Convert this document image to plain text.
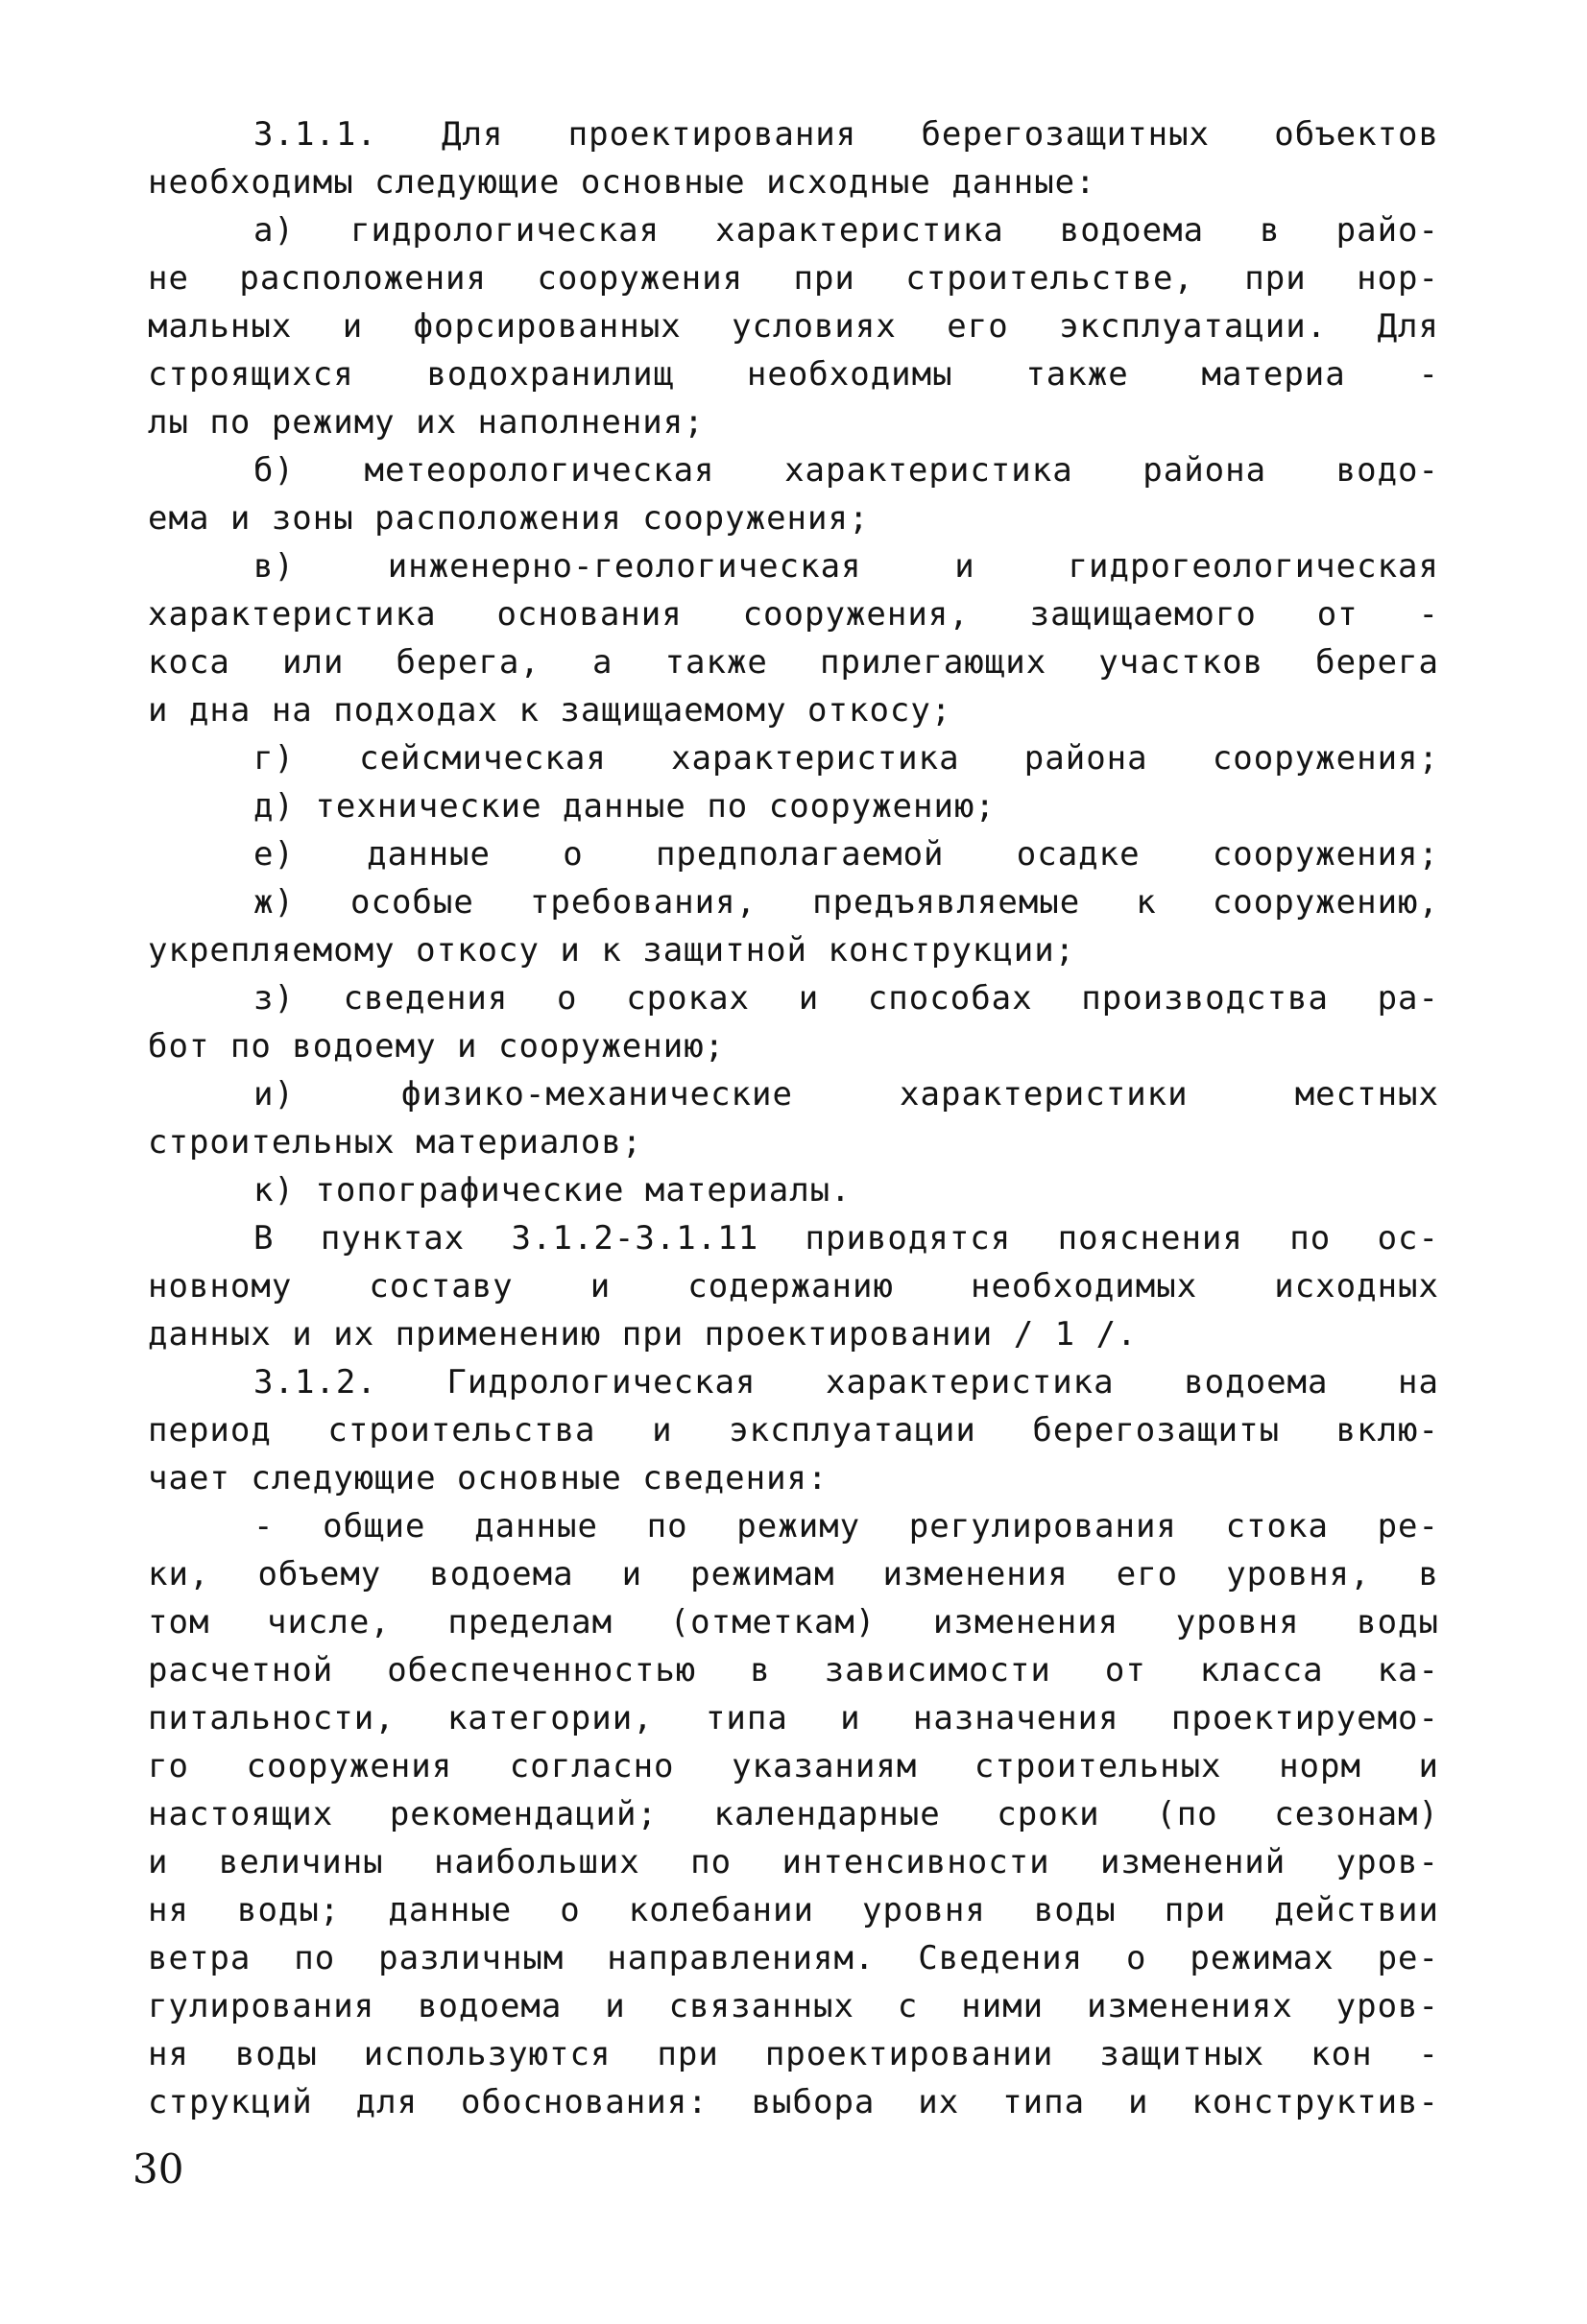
3.1.1. Для проектирования берегозащитных объектов
необходимы следующие основные исходные данные:
а) гидрологическая характеристика водоема в райо-
не расположения сооружения при строительстве, при нор-
мальных и форсированных условиях его эксплуатации. Для
строящихся водохранилищ необходимы также материа -
лы по режиму их наполнения;
б) метеорологическая характеристика района водо-
ема и зоны расположения сооружения;
в) инженерно-геологическая и гидрогеологическая
характеристика основания сооружения, защищаемого от -
коса или берега, а также прилегающих участков берега
и дна на подходах к защищаемому откосу;
г) сейсмическая характеристика района сооружения;
д) технические данные по сооружению;
е) данные о предполагаемой осадке сооружения;
ж) особые требования, предъявляемые к сооружению,
укрепляемому откосу и к защитной конструкции;
з) сведения о сроках и способах производства ра-
бот по водоему и сооружению;
и) физико-механические характеристики местных
строительных материалов;
к) топографические материалы.
В пунктах 3.1.2-3.1.11 приводятся пояснения по ос-
новному составу и содержанию необходимых исходных
данных и их применению при проектировании / 1 /.
3.1.2. Гидрологическая характеристика водоема на
период строительства и эксплуатации берегозащиты вклю-
чает следующие основные сведения:
- общие данные по режиму регулирования стока ре-
ки, объему водоема и режимам изменения его уровня, в
том числе, пределам (отметкам) изменения уровня воды
расчетной обеспеченностью в зависимости от класса ка-
питальности, категории, типа и назначения проектируемо-
го сооружения согласно указаниям строительных норм и
настоящих рекомендаций; календарные сроки (по сезонам)
и величины наибольших по интенсивности изменений уров-
ня воды; данные о колебании уровня воды при действии
ветра по различным направлениям. Сведения о режимах ре-
гулирования водоема и связанных с ними изменениях уров-
ня воды используются при проектировании защитных кон -
струкций для обоснования: выбора их типа и конструктив-
30
